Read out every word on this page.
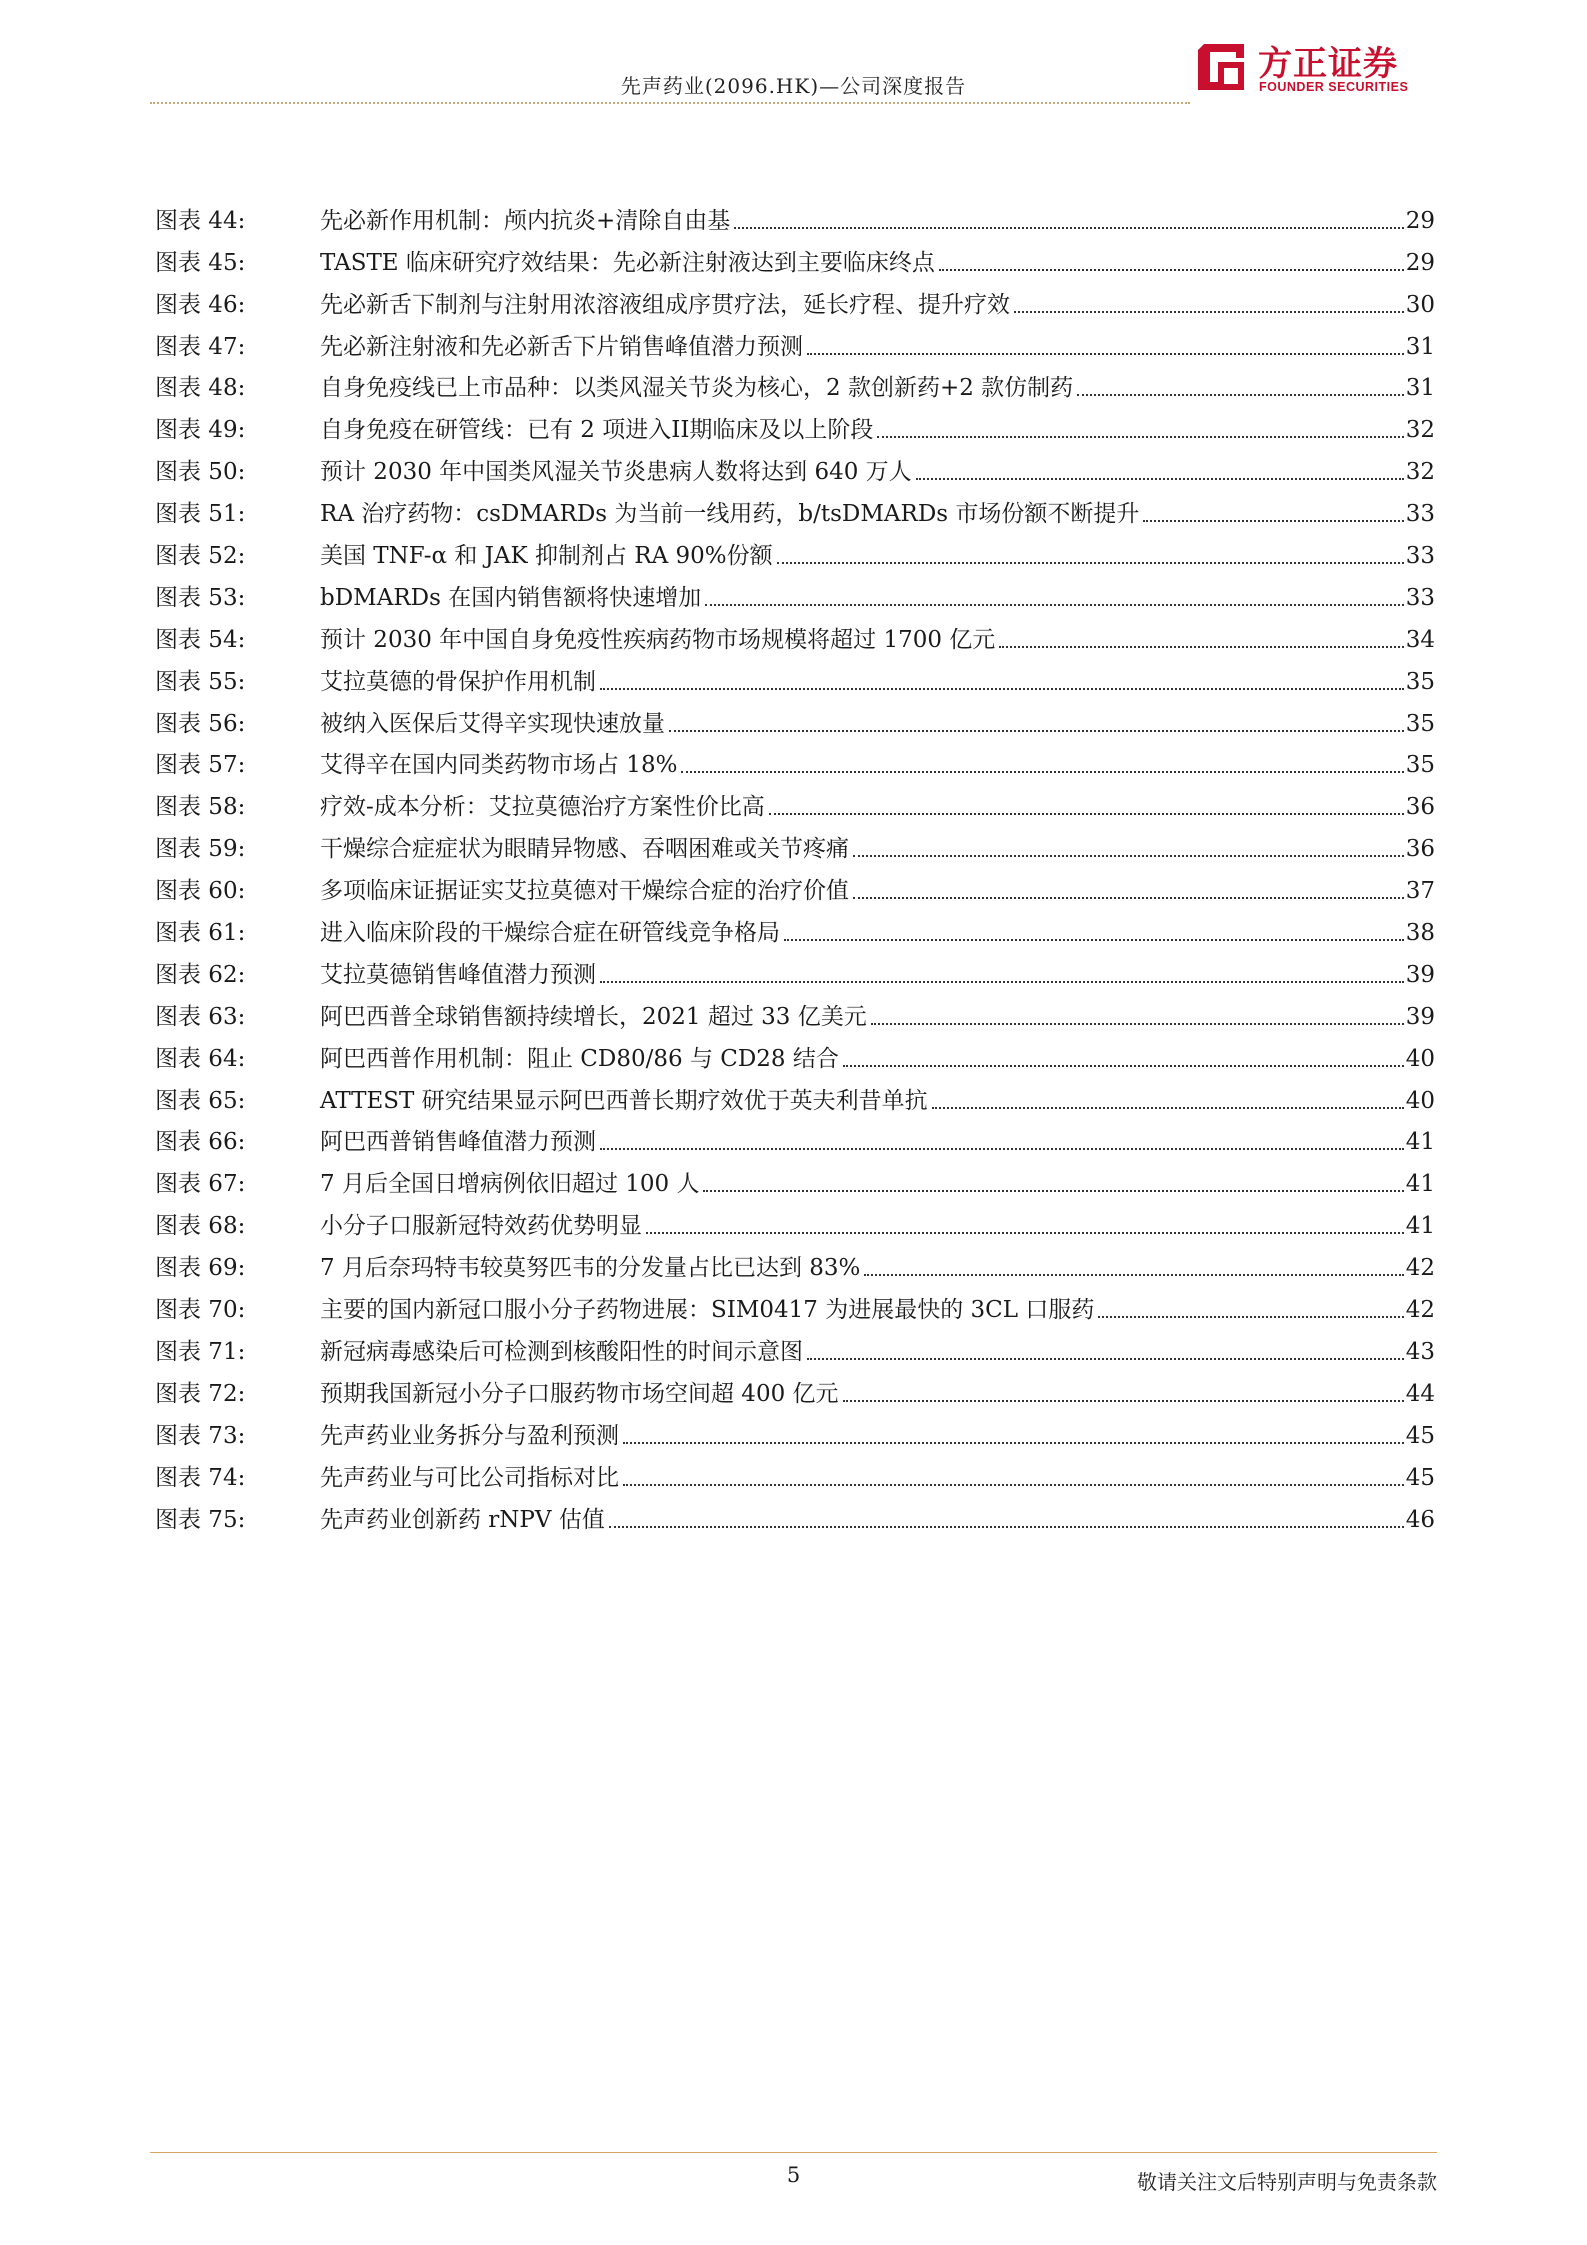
先声药业(2096.HK)—公司深度报告
方正证券
FOUNDER SECURITIES
图表 44:	先必新作用机制：颅内抗炎+清除自由基	29
图表 45:	TASTE 临床研究疗效结果：先必新注射液达到主要临床终点	29
图表 46:	先必新舌下制剂与注射用浓溶液组成序贯疗法，延长疗程、提升疗效	30
图表 47:	先必新注射液和先必新舌下片销售峰值潜力预测	31
图表 48:	自身免疫线已上市品种：以类风湿关节炎为核心，2 款创新药+2 款仿制药	31
图表 49:	自身免疫在研管线：已有 2 项进入II期临床及以上阶段	32
图表 50:	预计 2030 年中国类风湿关节炎患病人数将达到 640 万人	32
图表 51:	RA 治疗药物：csDMARDs 为当前一线用药，b/tsDMARDs 市场份额不断提升	33
图表 52:	美国 TNF-α 和 JAK 抑制剂占 RA 90%份额	33
图表 53:	bDMARDs 在国内销售额将快速增加	33
图表 54:	预计 2030 年中国自身免疫性疾病药物市场规模将超过 1700 亿元	34
图表 55:	艾拉莫德的骨保护作用机制	35
图表 56:	被纳入医保后艾得辛实现快速放量	35
图表 57:	艾得辛在国内同类药物市场占 18%	35
图表 58:	疗效-成本分析：艾拉莫德治疗方案性价比高	36
图表 59:	干燥综合症症状为眼睛异物感、吞咽困难或关节疼痛	36
图表 60:	多项临床证据证实艾拉莫德对干燥综合症的治疗价值	37
图表 61:	进入临床阶段的干燥综合症在研管线竞争格局	38
图表 62:	艾拉莫德销售峰值潜力预测	39
图表 63:	阿巴西普全球销售额持续增长，2021 超过 33 亿美元	39
图表 64:	阿巴西普作用机制：阻止 CD80/86 与 CD28 结合	40
图表 65:	ATTEST 研究结果显示阿巴西普长期疗效优于英夫利昔单抗	40
图表 66:	阿巴西普销售峰值潜力预测	41
图表 67:	7 月后全国日增病例依旧超过 100 人	41
图表 68:	小分子口服新冠特效药优势明显	41
图表 69:	7 月后奈玛特韦较莫努匹韦的分发量占比已达到 83%	42
图表 70:	主要的国内新冠口服小分子药物进展：SIM0417 为进展最快的 3CL 口服药	42
图表 71:	新冠病毒感染后可检测到核酸阳性的时间示意图	43
图表 72:	预期我国新冠小分子口服药物市场空间超 400 亿元	44
图表 73:	先声药业业务拆分与盈利预测	45
图表 74:	先声药业与可比公司指标对比	45
图表 75:	先声药业创新药 rNPV 估值	46
5	敬请关注文后特别声明与免责条款
